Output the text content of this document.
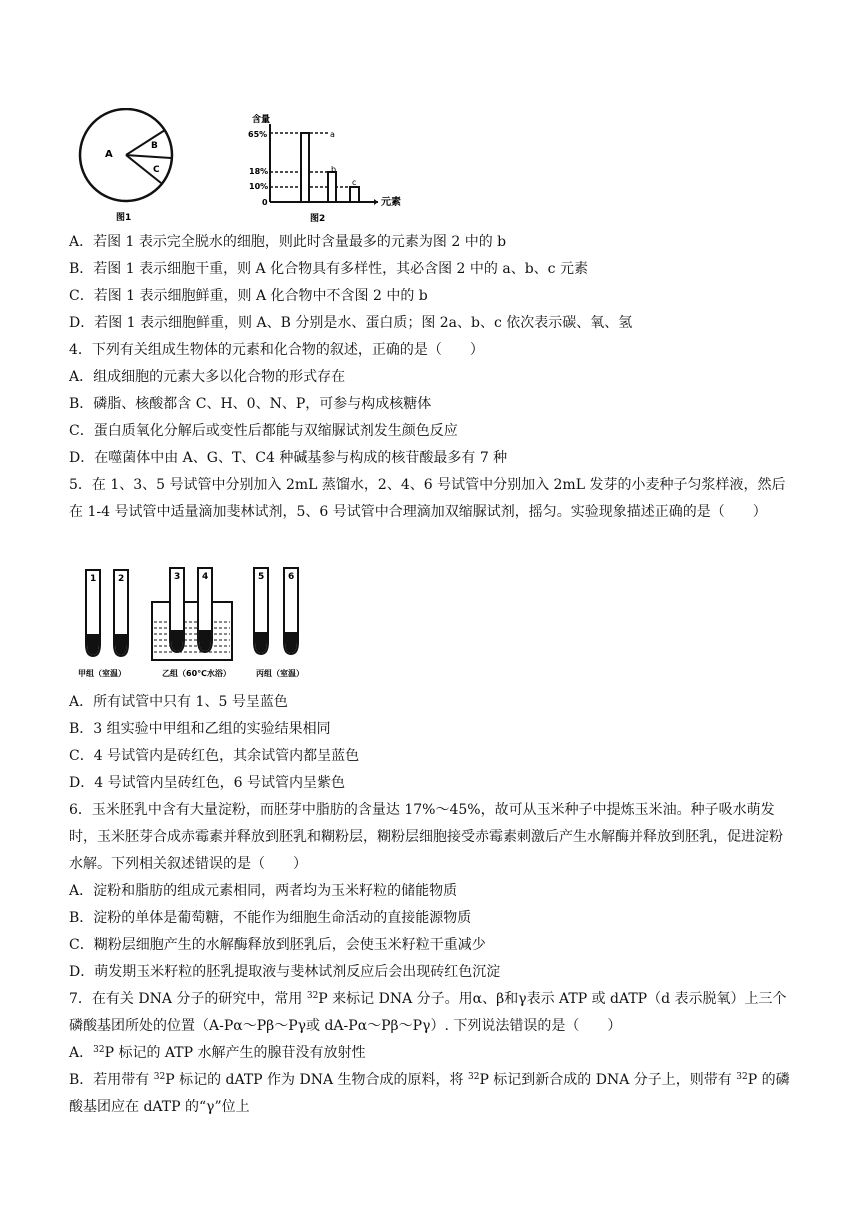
A
B
C
图1
含量
65%
18%
10%
0
a
b
c
元素
图2
A．若图 1 表示完全脱水的细胞，则此时含量最多的元素为图 2 中的 b
B．若图 1 表示细胞干重，则 A 化合物具有多样性，其必含图 2 中的 a、b、c 元素
C．若图 1 表示细胞鲜重，则 A 化合物中不含图 2 中的 b
D．若图 1 表示细胞鲜重，则 A、B 分别是水、蛋白质；图 2a、b、c 依次表示碳、氧、氢
4．下列有关组成生物体的元素和化合物的叙述，正确的是（　　）
A．组成细胞的元素大多以化合物的形式存在
B．磷脂、核酸都含 C、H、0、N、P，可参与构成核糖体
C．蛋白质氧化分解后或变性后都能与双缩脲试剂发生颜色反应
D．在噬菌体中由 A、G、T、C4 种碱基参与构成的核苷酸最多有 7 种
5．在 1、3、5 号试管中分别加入 2mL 蒸馏水，2、4、6 号试管中分别加入 2mL 发芽的小麦种子匀浆样液，然后在 1-4 号试管中适量滴加斐林试剂，5、6 号试管中合理滴加双缩脲试剂，摇匀。实验现象描述正确的是（　　）
1 2	3 4	5	6
甲组（室温）	乙组（60℃水浴）	丙组（室温）
A．所有试管中只有 1、5 号呈蓝色
B．3 组实验中甲组和乙组的实验结果相同
C．4 号试管内是砖红色，其余试管内都呈蓝色
D．4 号试管内呈砖红色，6 号试管内呈紫色
6．玉米胚乳中含有大量淀粉，而胚芽中脂肪的含量达 17%～45%，故可从玉米种子中提炼玉米油。种子吸水萌发时，玉米胚芽合成赤霉素并释放到胚乳和糊粉层，糊粉层细胞接受赤霉素刺激后产生水解酶并释放到胚乳，促进淀粉水解。下列相关叙述错误的是（　　）
A．淀粉和脂肪的组成元素相同，两者均为玉米籽粒的储能物质
B．淀粉的单体是葡萄糖，不能作为细胞生命活动的直接能源物质
C．糊粉层细胞产生的水解酶释放到胚乳后，会使玉米籽粒干重减少
D．萌发期玉米籽粒的胚乳提取液与斐林试剂反应后会出现砖红色沉淀
7．在有关 DNA 分子的研究中，常用 $^{32}$P 来标记 DNA 分子。用α、β和γ表示 ATP 或 dATP（d 表示脱氧）上三个磷酸基团所处的位置（A-Pα～Pβ～Pγ或 dA-Pα～Pβ～Pγ）. 下列说法错误的是（　　）
A．$^{32}$P 标记的 ATP 水解产生的腺苷没有放射性
B．若用带有 $^{32}$P 标记的 dATP 作为 DNA 生物合成的原料，将 $^{32}$P 标记到新合成的 DNA 分子上，则带有 $^{32}$P 的磷酸基团应在 dATP 的“γ”位上
